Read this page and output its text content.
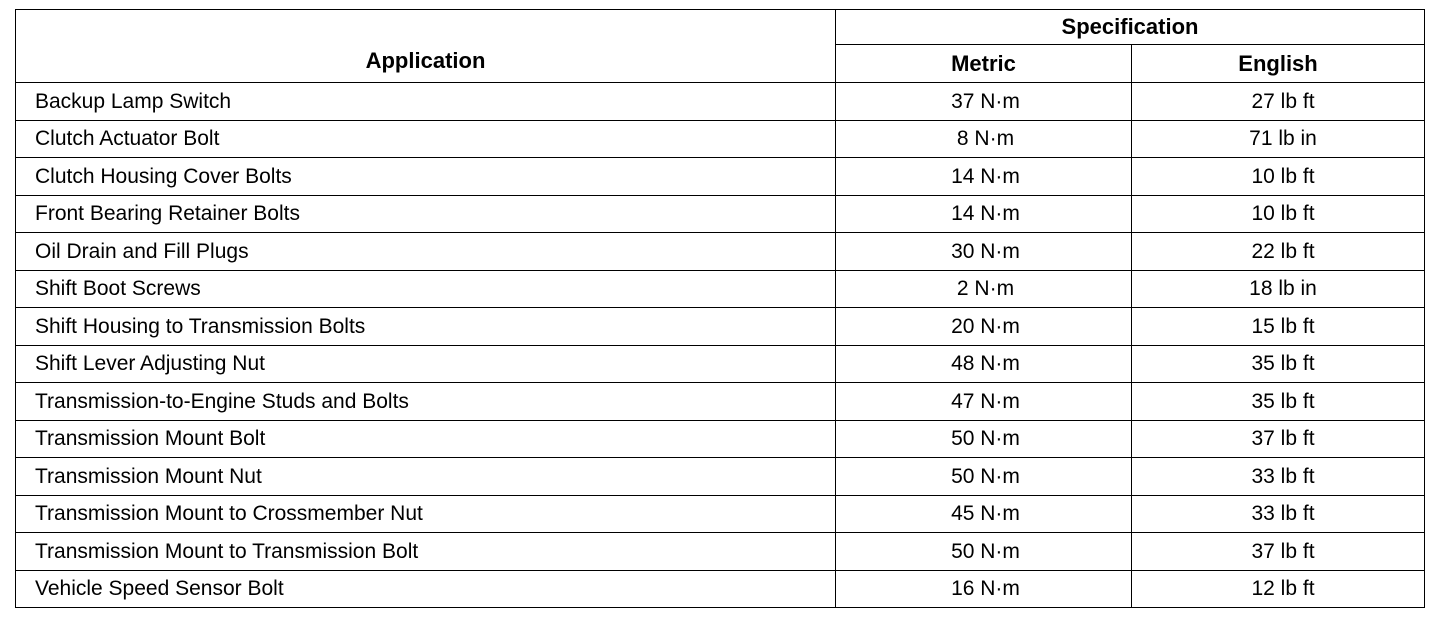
Application	Specification	
	Metric	English
Backup Lamp Switch	37 N·m	27 lb ft
Clutch Actuator Bolt	8 N·m	71 lb in
Clutch Housing Cover Bolts	14 N·m	10 lb ft
Front Bearing Retainer Bolts	14 N·m	10 lb ft
Oil Drain and Fill Plugs	30 N·m	22 lb ft
Shift Boot Screws	2 N·m	18 lb in
Shift Housing to Transmission Bolts	20 N·m	15 lb ft
Shift Lever Adjusting Nut	48 N·m	35 lb ft
Transmission-to-Engine Studs and Bolts	47 N·m	35 lb ft
Transmission Mount Bolt	50 N·m	37 lb ft
Transmission Mount Nut	50 N·m	33 lb ft
Transmission Mount to Crossmember Nut	45 N·m	33 lb ft
Transmission Mount to Transmission Bolt	50 N·m	37 lb ft
Vehicle Speed Sensor Bolt	16 N·m	12 lb ft
